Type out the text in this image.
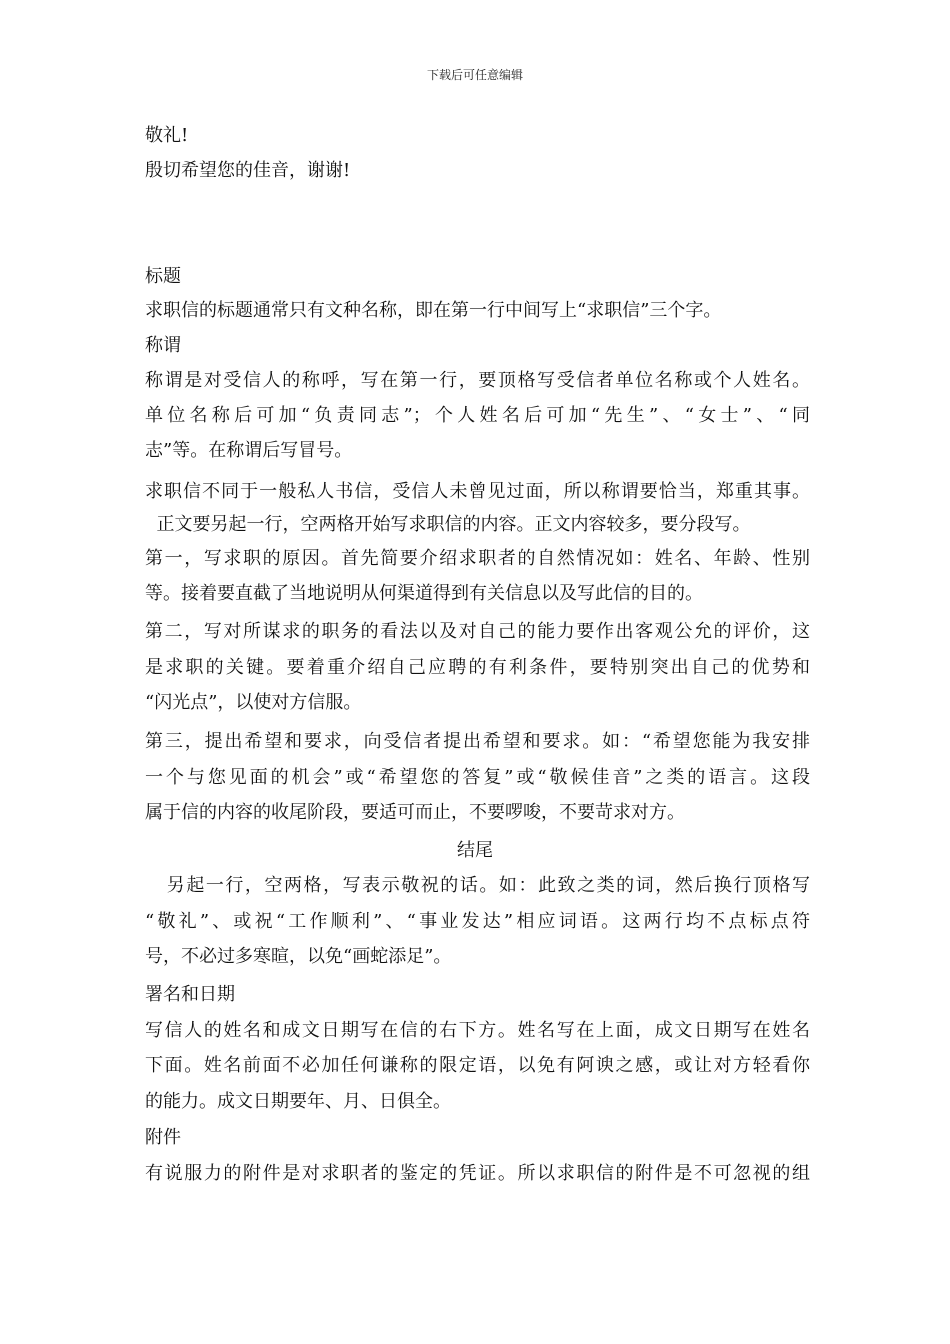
下载后可任意编辑
敬礼!
殷切希望您的佳音，谢谢!
标题
求职信的标题通常只有文种名称，即在第一行中间写上“求职信”三个字。
称谓
称谓是对受信人的称呼，写在第一行，要顶格写受信者单位名称或个人姓名。
单位名称后可加“负责同志”；个人姓名后可加“先生”、“女士”、“同
志”等。在称谓后写冒号。
求职信不同于一般私人书信，受信人未曾见过面，所以称谓要恰当，郑重其事。
正文要另起一行，空两格开始写求职信的内容。正文内容较多，要分段写。
第一，写求职的原因。首先简要介绍求职者的自然情况如：姓名、年龄、性别
等。接着要直截了当地说明从何渠道得到有关信息以及写此信的目的。
第二，写对所谋求的职务的看法以及对自己的能力要作出客观公允的评价，这
是求职的关键。要着重介绍自己应聘的有利条件，要特别突出自己的优势和
“闪光点”，以使对方信服。
第三，提出希望和要求，向受信者提出希望和要求。如：“希望您能为我安排
一个与您见面的机会”或“希望您的答复”或“敬候佳音”之类的语言。这段
属于信的内容的收尾阶段，要适可而止，不要啰唆，不要苛求对方。
结尾
另起一行，空两格，写表示敬祝的话。如：此致之类的词，然后换行顶格写
“敬礼”、或祝“工作顺利”、“事业发达”相应词语。这两行均不点标点符
号，不必过多寒暄，以免“画蛇添足”。
署名和日期
写信人的姓名和成文日期写在信的右下方。姓名写在上面，成文日期写在姓名
下面。姓名前面不必加任何谦称的限定语，以免有阿谀之感，或让对方轻看你
的能力。成文日期要年、月、日俱全。
附件
有说服力的附件是对求职者的鉴定的凭证。所以求职信的附件是不可忽视的组
